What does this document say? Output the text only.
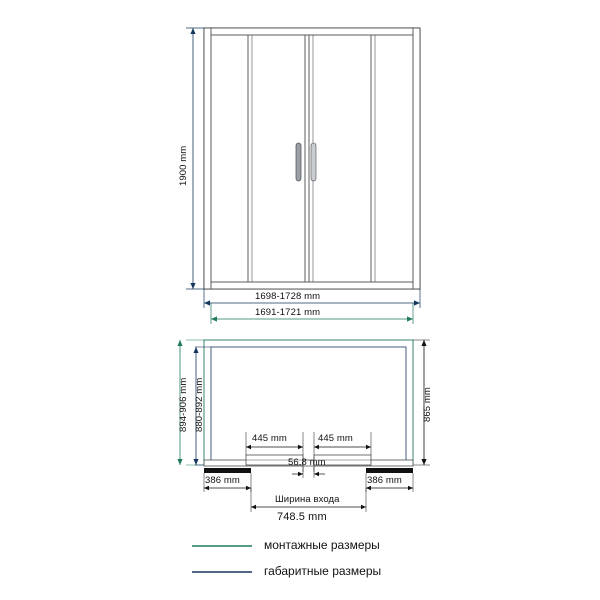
1900 mm
1698-1728 mm
1691-1721 mm
894-906 mm 880-892 mm	865 mm
445 mm	445 mm
56.8 mm
386 mm	386 mm
Ширина входа
748.5 mm
монтажные размеры
габаритные размеры
